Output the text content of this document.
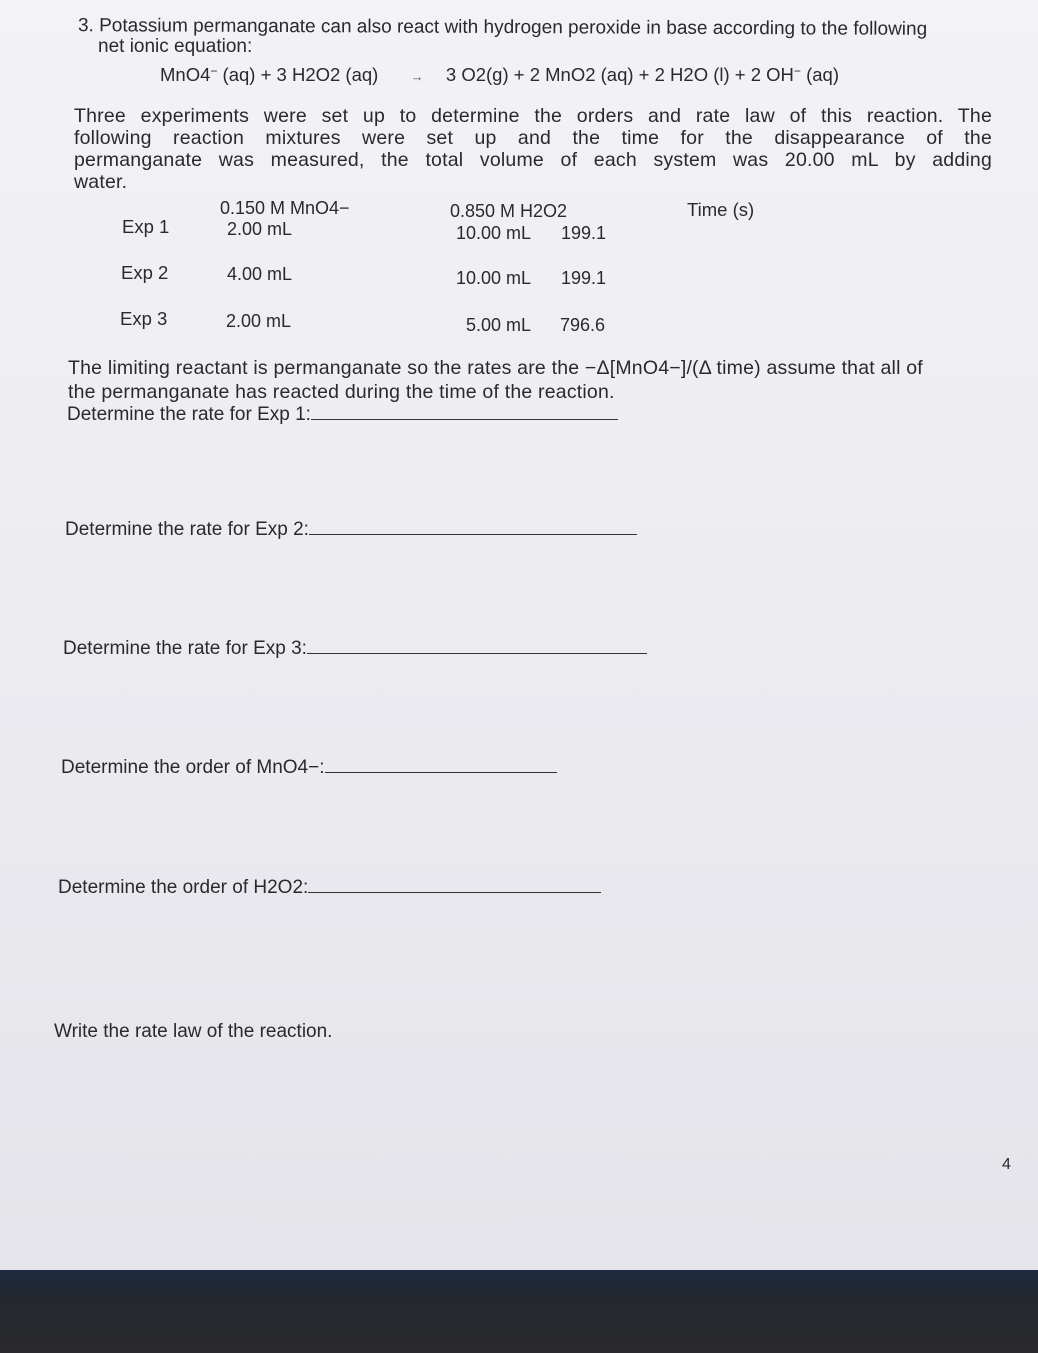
3. Potassium permanganate can also react with hydrogen peroxide in base according to the following
net ionic equation:
MnO4− (aq) + 3 H2O2 (aq) → 3 O2(g) + 2 MnO2 (aq) + 2 H2O (l) + 2 OH− (aq)
Three experiments were set up to determine the orders and rate law of this reaction. The
following reaction mixtures were set up and the time for the disappearance of the
permanganate was measured, the total volume of each system was 20.00 mL by adding
water.
0.150 M MnO4−	0.850 M H2O2	Time (s)
Exp 1	2.00 mL	10.00 mL 199.1
Exp 2	4.00 mL	10.00 mL 199.1
Exp 3	2.00 mL	5.00 mL 796.6
The limiting reactant is permanganate so the rates are the −Δ[MnO4−]/(Δ time) assume that all of
the permanganate has reacted during the time of the reaction.
Determine the rate for Exp 1:
Determine the rate for Exp 2:
Determine the rate for Exp 3:
Determine the order of MnO4−:
Determine the order of H2O2:
Write the rate law of the reaction.
4
